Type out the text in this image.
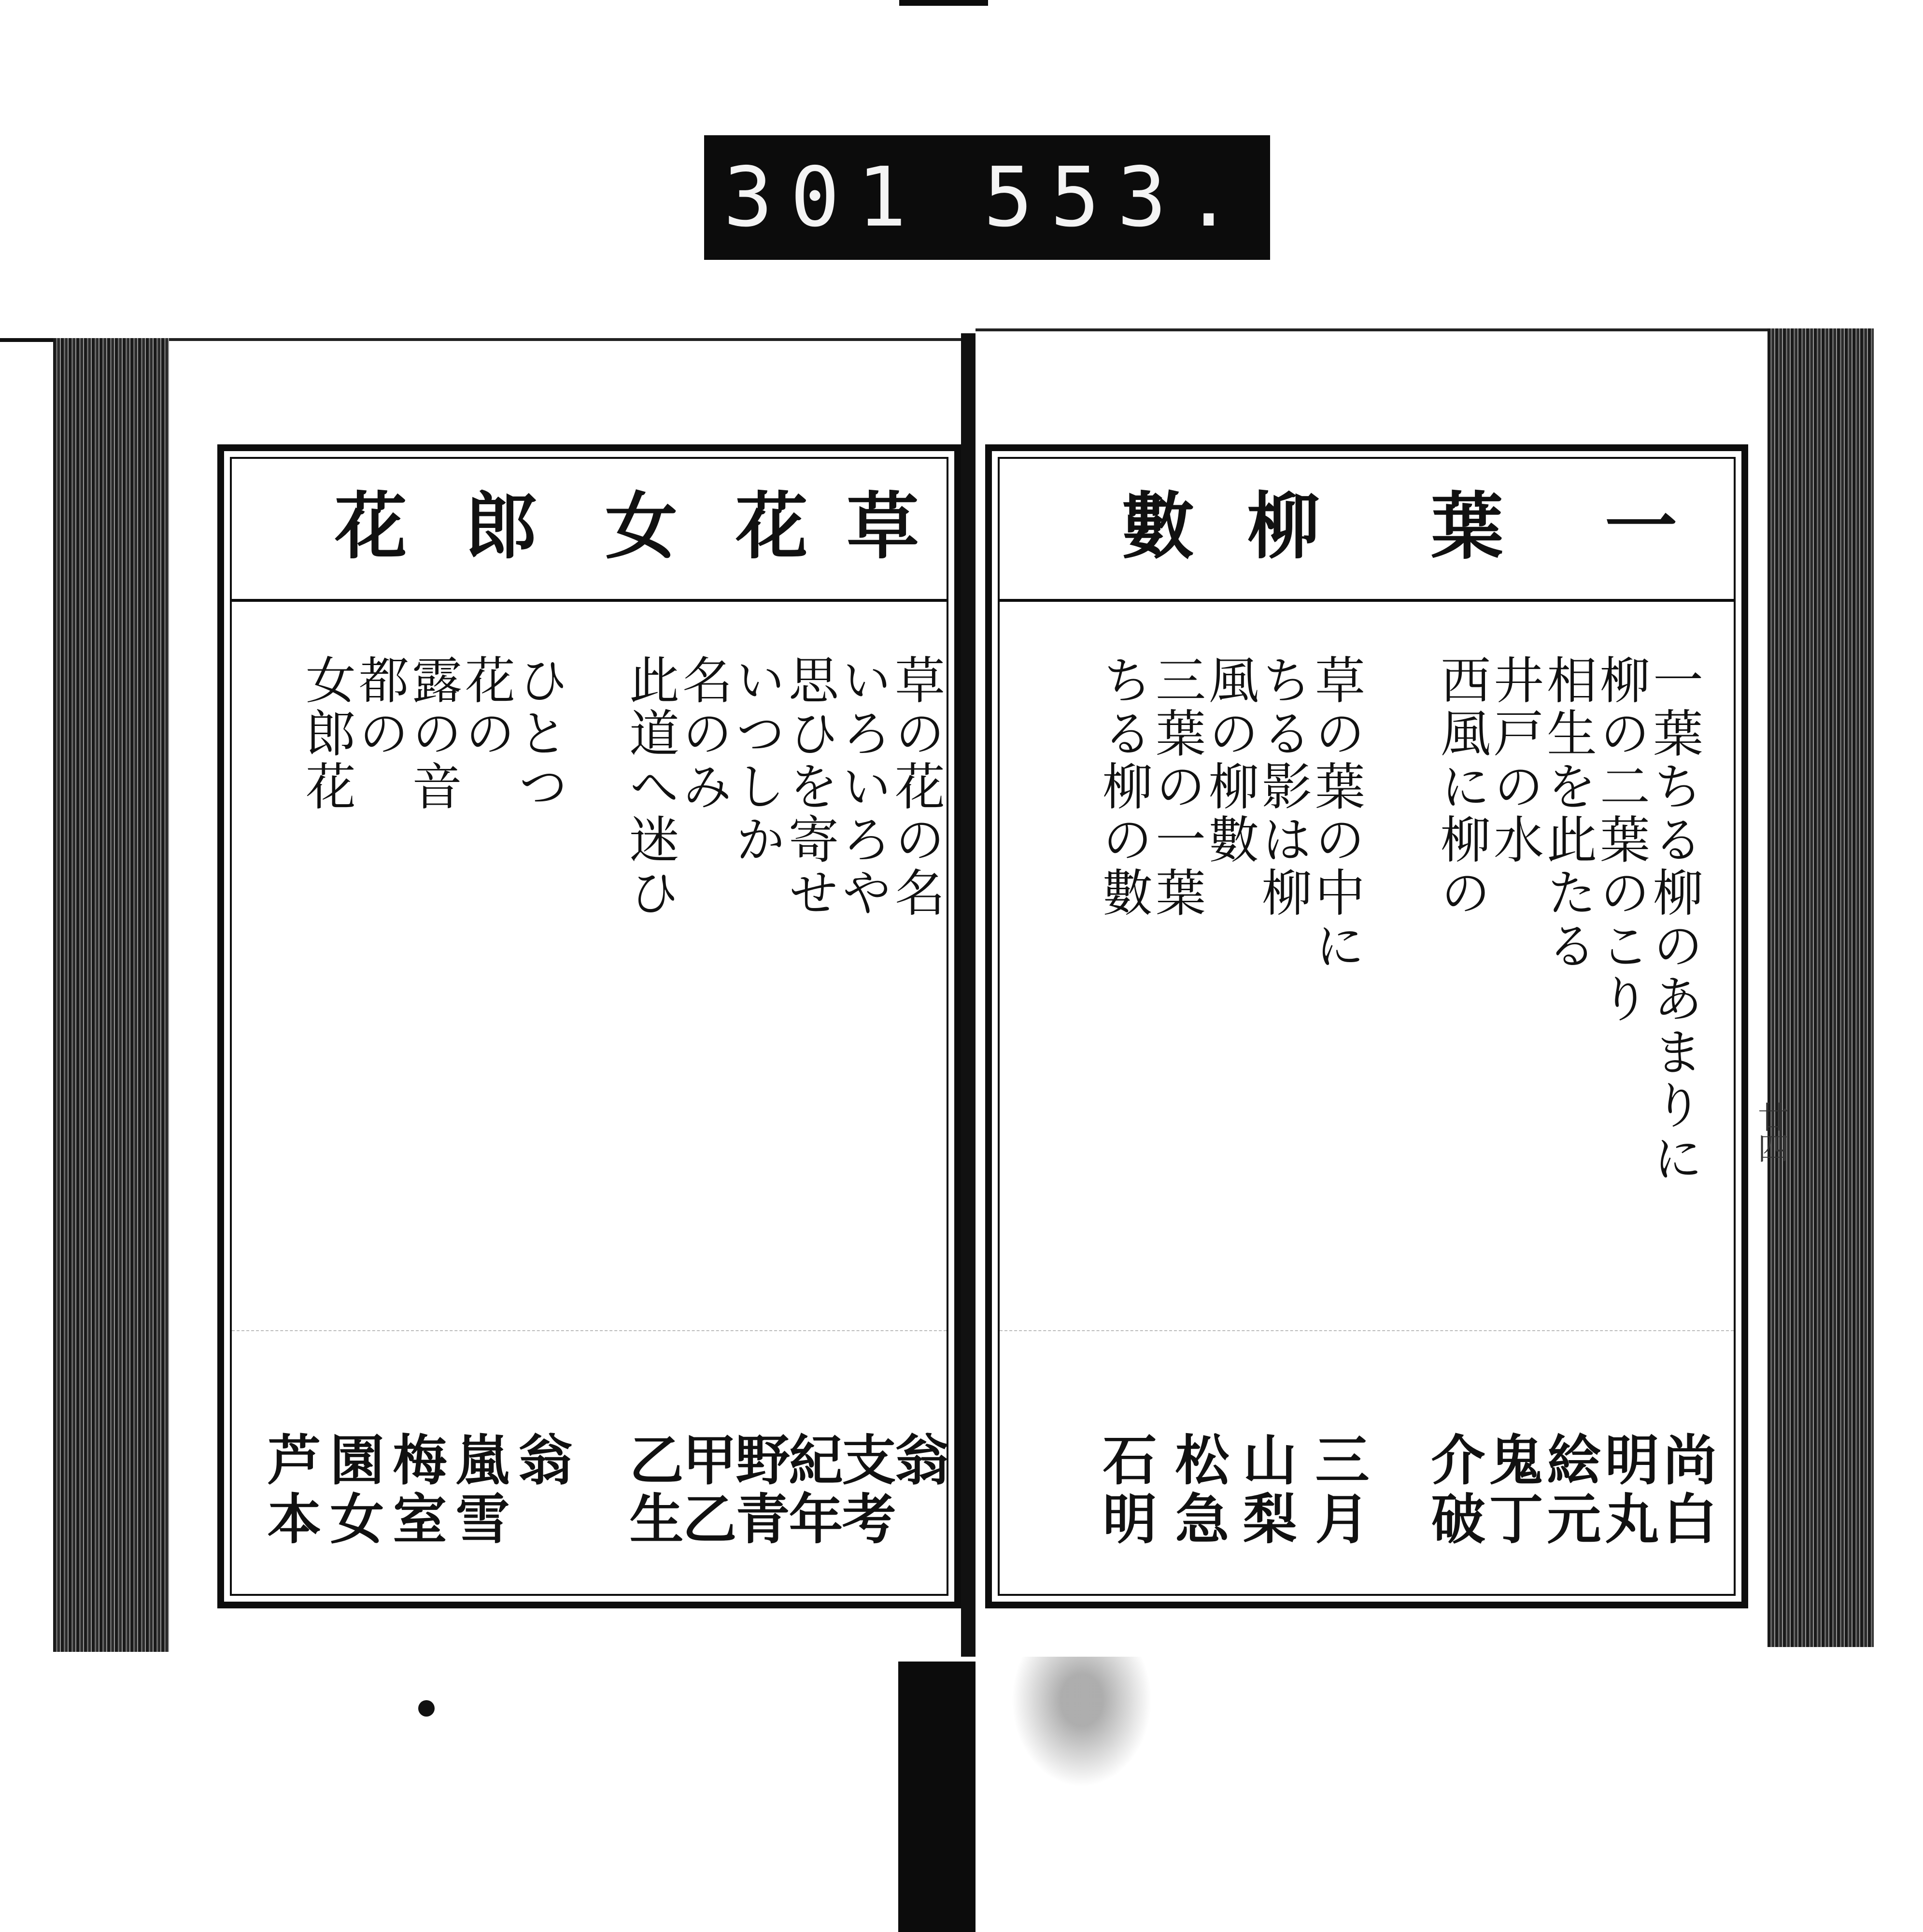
301 553.
草
花
女
郎
花
草の花の名
いろいろや
思ひを寄せ
いつしか
名のみ
此道へ迷ひ
ひとつ
花の
露の音
都の
女郎花
翁
支考
紀年
野青
甲乙
乙生
翁
嵐雪
梅室
園女
芦本
一
葉
柳
數
一葉ちる柳のあまりに
柳の二葉のこり
相生を此たる
井戸の水
西風に柳の
草の葉の中に
ちる影は柳
風の柳數
三葉の一葉
ちる柳の數
尚白
明丸
絵元
鬼丁
介破
三月
山梨
松急
石明
廿四
